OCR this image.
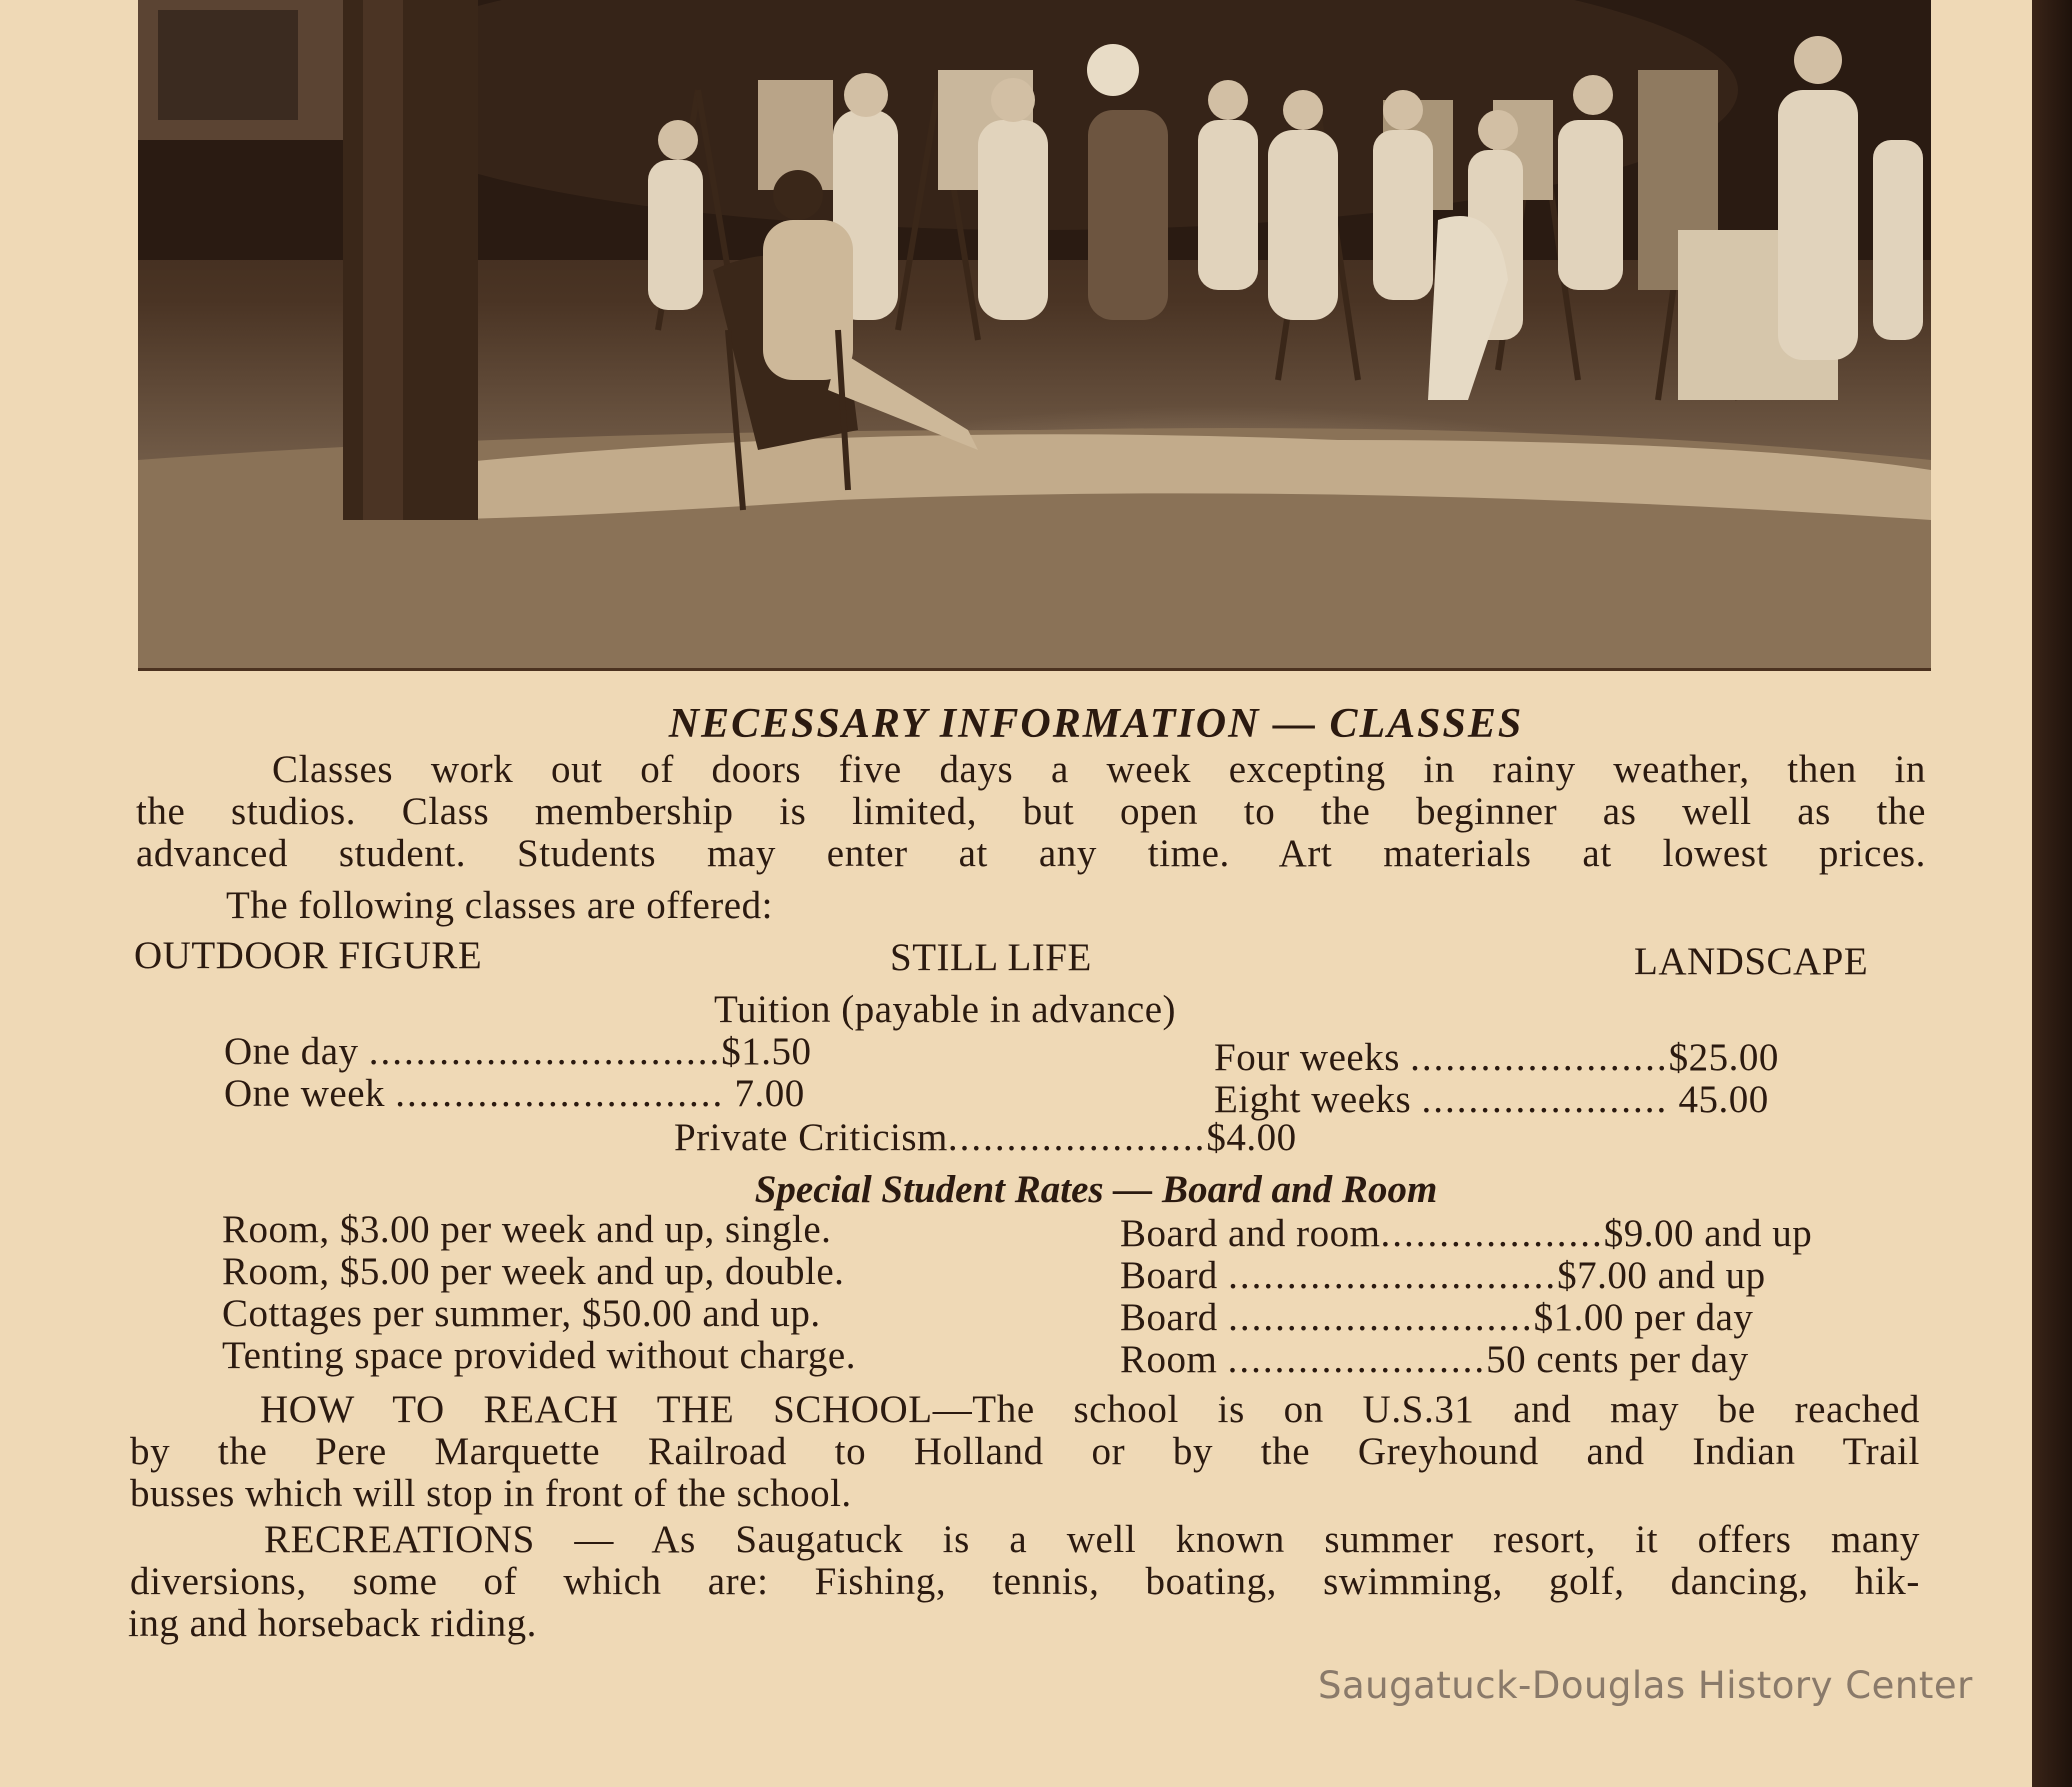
NECESSARY INFORMATION — CLASSES
Classes work out of doors five days a week excepting in rainy weather, then in
the studios. Class membership is limited, but open to the beginner as well as the
advanced student. Students may enter at any time. Art materials at lowest prices.
The following classes are offered:
OUTDOOR FIGURE	STILL LIFE	LANDSCAPE
Tuition (payable in advance)
One day ..............................$1.50
One week ............................ 7.00
Four weeks ......................$25.00
Eight weeks ..................... 45.00
Private Criticism......................$4.00
Special Student Rates — Board and Room
Room, $3.00 per week and up, single.
Room, $5.00 per week and up, double.
Cottages per summer, $50.00 and up.
Tenting space provided without charge.
Board and room...................$9.00 and up
Board ............................$7.00 and up
Board ..........................$1.00 per day
Room ......................50 cents per day
HOW TO REACH THE SCHOOL—The school is on U.S.31 and may be reached
by the Pere Marquette Railroad to Holland or by the Greyhound and Indian Trail
busses which will stop in front of the school.
RECREATIONS — As Saugatuck is a well known summer resort, it offers many
diversions, some of which are: Fishing, tennis, boating, swimming, golf, dancing, hik-
ing and horseback riding.
Saugatuck-Douglas History Center
